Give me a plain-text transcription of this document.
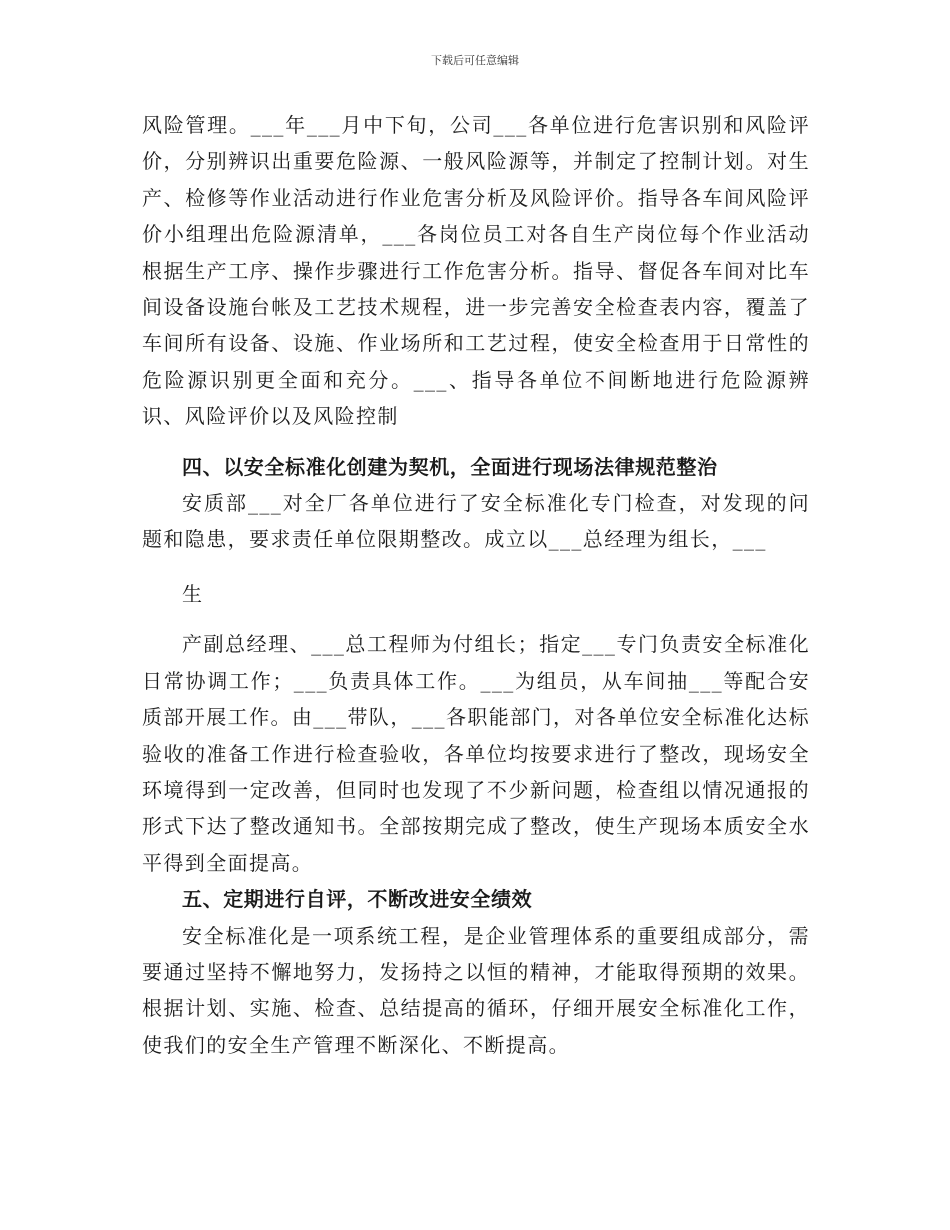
下载后可任意编辑

风险管理。___年___月中下旬，公司___各单位进行危害识别和风险评价，分别辨识出重要危险源、一般风险源等，并制定了控制计划。对生产、检修等作业活动进行作业危害分析及风险评价。指导各车间风险评价小组理出危险源清单，___各岗位员工对各自生产岗位每个作业活动根据生产工序、操作步骤进行工作危害分析。指导、督促各车间对比车间设备设施台帐及工艺技术规程，进一步完善安全检查表内容，覆盖了车间所有设备、设施、作业场所和工艺过程，使安全检查用于日常性的危险源识别更全面和充分。___、指导各单位不间断地进行危险源辨识、风险评价以及风险控制

四、以安全标准化创建为契机，全面进行现场法律规范整治

安质部___对全厂各单位进行了安全标准化专门检查，对发现的问题和隐患，要求责任单位限期整改。成立以___总经理为组长，___

生

产副总经理、___总工程师为付组长；指定___专门负责安全标准化日常协调工作；___负责具体工作。___为组员，从车间抽___等配合安质部开展工作。由___带队，___各职能部门，对各单位安全标准化达标验收的准备工作进行检查验收，各单位均按要求进行了整改，现场安全环境得到一定改善，但同时也发现了不少新问题，检查组以情况通报的形式下达了整改通知书。全部按期完成了整改，使生产现场本质安全水平得到全面提高。

五、定期进行自评，不断改进安全绩效

安全标准化是一项系统工程，是企业管理体系的重要组成部分，需要通过坚持不懈地努力，发扬持之以恒的精神，才能取得预期的效果。根据计划、实施、检查、总结提高的循环，仔细开展安全标准化工作，使我们的安全生产管理不断深化、不断提高。
